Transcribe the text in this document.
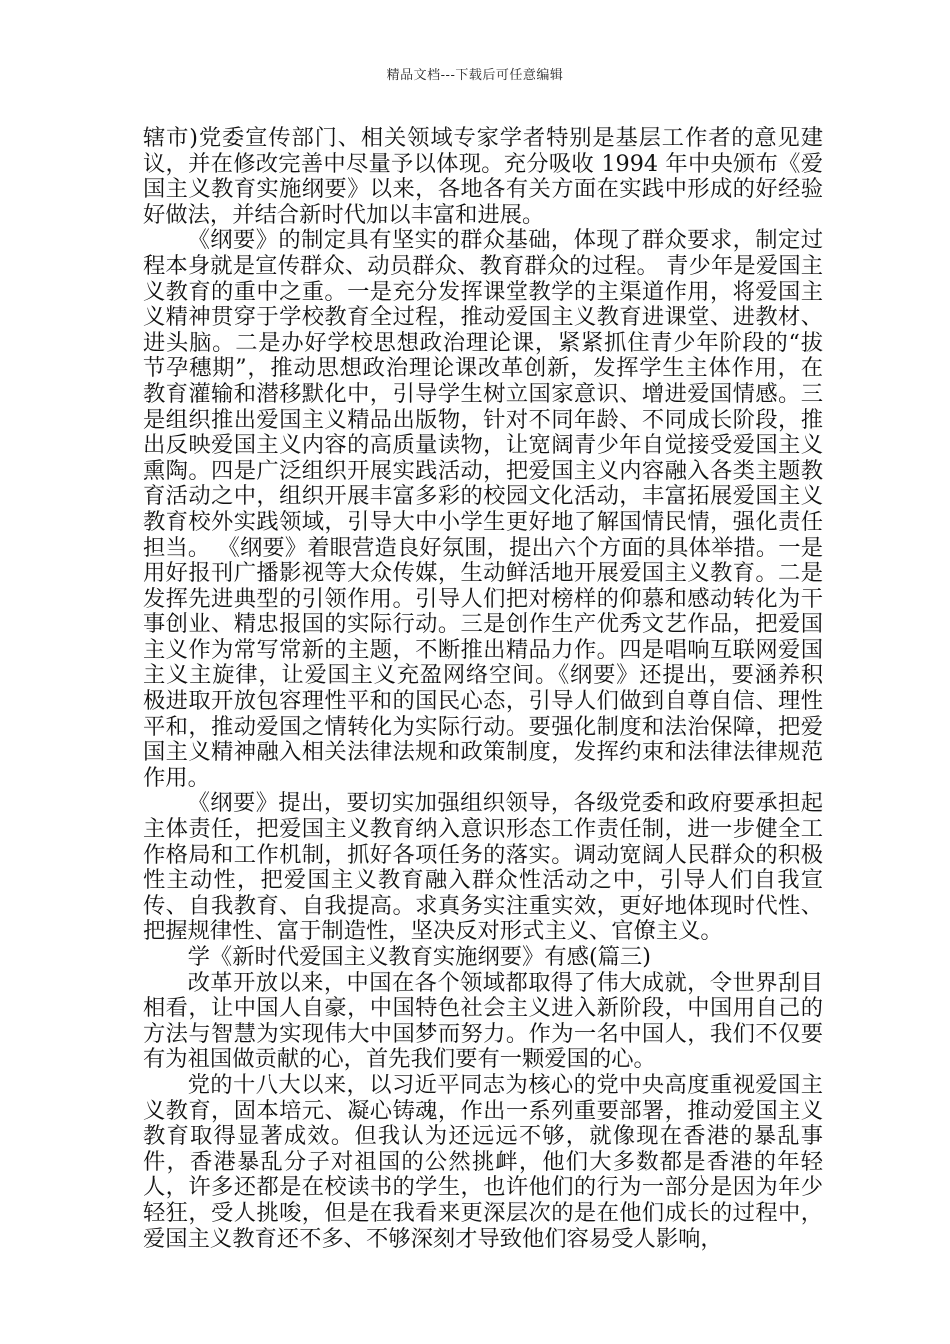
精品文档---下载后可任意编辑

辖市)党委宣传部门、相关领域专家学者特别是基层工作者的意见建议，并在修改完善中尽量予以体现。充分吸收 1994 年中央颁布《爱国主义教育实施纲要》以来，各地各有关方面在实践中形成的好经验好做法，并结合新时代加以丰富和进展。

《纲要》的制定具有坚实的群众基础，体现了群众要求，制定过程本身就是宣传群众、动员群众、教育群众的过程。 青少年是爱国主义教育的重中之重。一是充分发挥课堂教学的主渠道作用，将爱国主义精神贯穿于学校教育全过程，推动爱国主义教育进课堂、进教材、进头脑。二是办好学校思想政治理论课，紧紧抓住青少年阶段的“拔节孕穗期”，推动思想政治理论课改革创新，发挥学生主体作用，在教育灌输和潜移默化中，引导学生树立国家意识、增进爱国情感。三是组织推出爱国主义精品出版物，针对不同年龄、不同成长阶段，推出反映爱国主义内容的高质量读物，让宽阔青少年自觉接受爱国主义熏陶。四是广泛组织开展实践活动，把爱国主义内容融入各类主题教育活动之中，组织开展丰富多彩的校园文化活动，丰富拓展爱国主义教育校外实践领域，引导大中小学生更好地了解国情民情，强化责任担当。 《纲要》着眼营造良好氛围，提出六个方面的具体举措。一是用好报刊广播影视等大众传媒，生动鲜活地开展爱国主义教育。二是发挥先进典型的引领作用。引导人们把对榜样的仰慕和感动转化为干事创业、精忠报国的实际行动。三是创作生产优秀文艺作品，把爱国主义作为常写常新的主题，不断推出精品力作。四是唱响互联网爱国主义主旋律，让爱国主义充盈网络空间。《纲要》还提出，要涵养积极进取开放包容理性平和的国民心态，引导人们做到自尊自信、理性平和，推动爱国之情转化为实际行动。要强化制度和法治保障，把爱国主义精神融入相关法律法规和政策制度，发挥约束和法律法律规范作用。

《纲要》提出，要切实加强组织领导，各级党委和政府要承担起主体责任，把爱国主义教育纳入意识形态工作责任制，进一步健全工作格局和工作机制，抓好各项任务的落实。调动宽阔人民群众的积极性主动性，把爱国主义教育融入群众性活动之中，引导人们自我宣传、自我教育、自我提高。求真务实注重实效，更好地体现时代性、把握规律性、富于制造性，坚决反对形式主义、官僚主义。

学《新时代爱国主义教育实施纲要》有感(篇三)

改革开放以来，中国在各个领域都取得了伟大成就，令世界刮目相看，让中国人自豪，中国特色社会主义进入新阶段，中国用自己的方法与智慧为实现伟大中国梦而努力。作为一名中国人，我们不仅要有为祖国做贡献的心，首先我们要有一颗爱国的心。

党的十八大以来，以习近平同志为核心的党中央高度重视爱国主义教育，固本培元、凝心铸魂，作出一系列重要部署，推动爱国主义教育取得显著成效。但我认为还远远不够，就像现在香港的暴乱事件，香港暴乱分子对祖国的公然挑衅，他们大多数都是香港的年轻人，许多还都是在校读书的学生，也许他们的行为一部分是因为年少轻狂，受人挑唆，但是在我看来更深层次的是在他们成长的过程中，爱国主义教育还不多、不够深刻才导致他们容易受人影响，
